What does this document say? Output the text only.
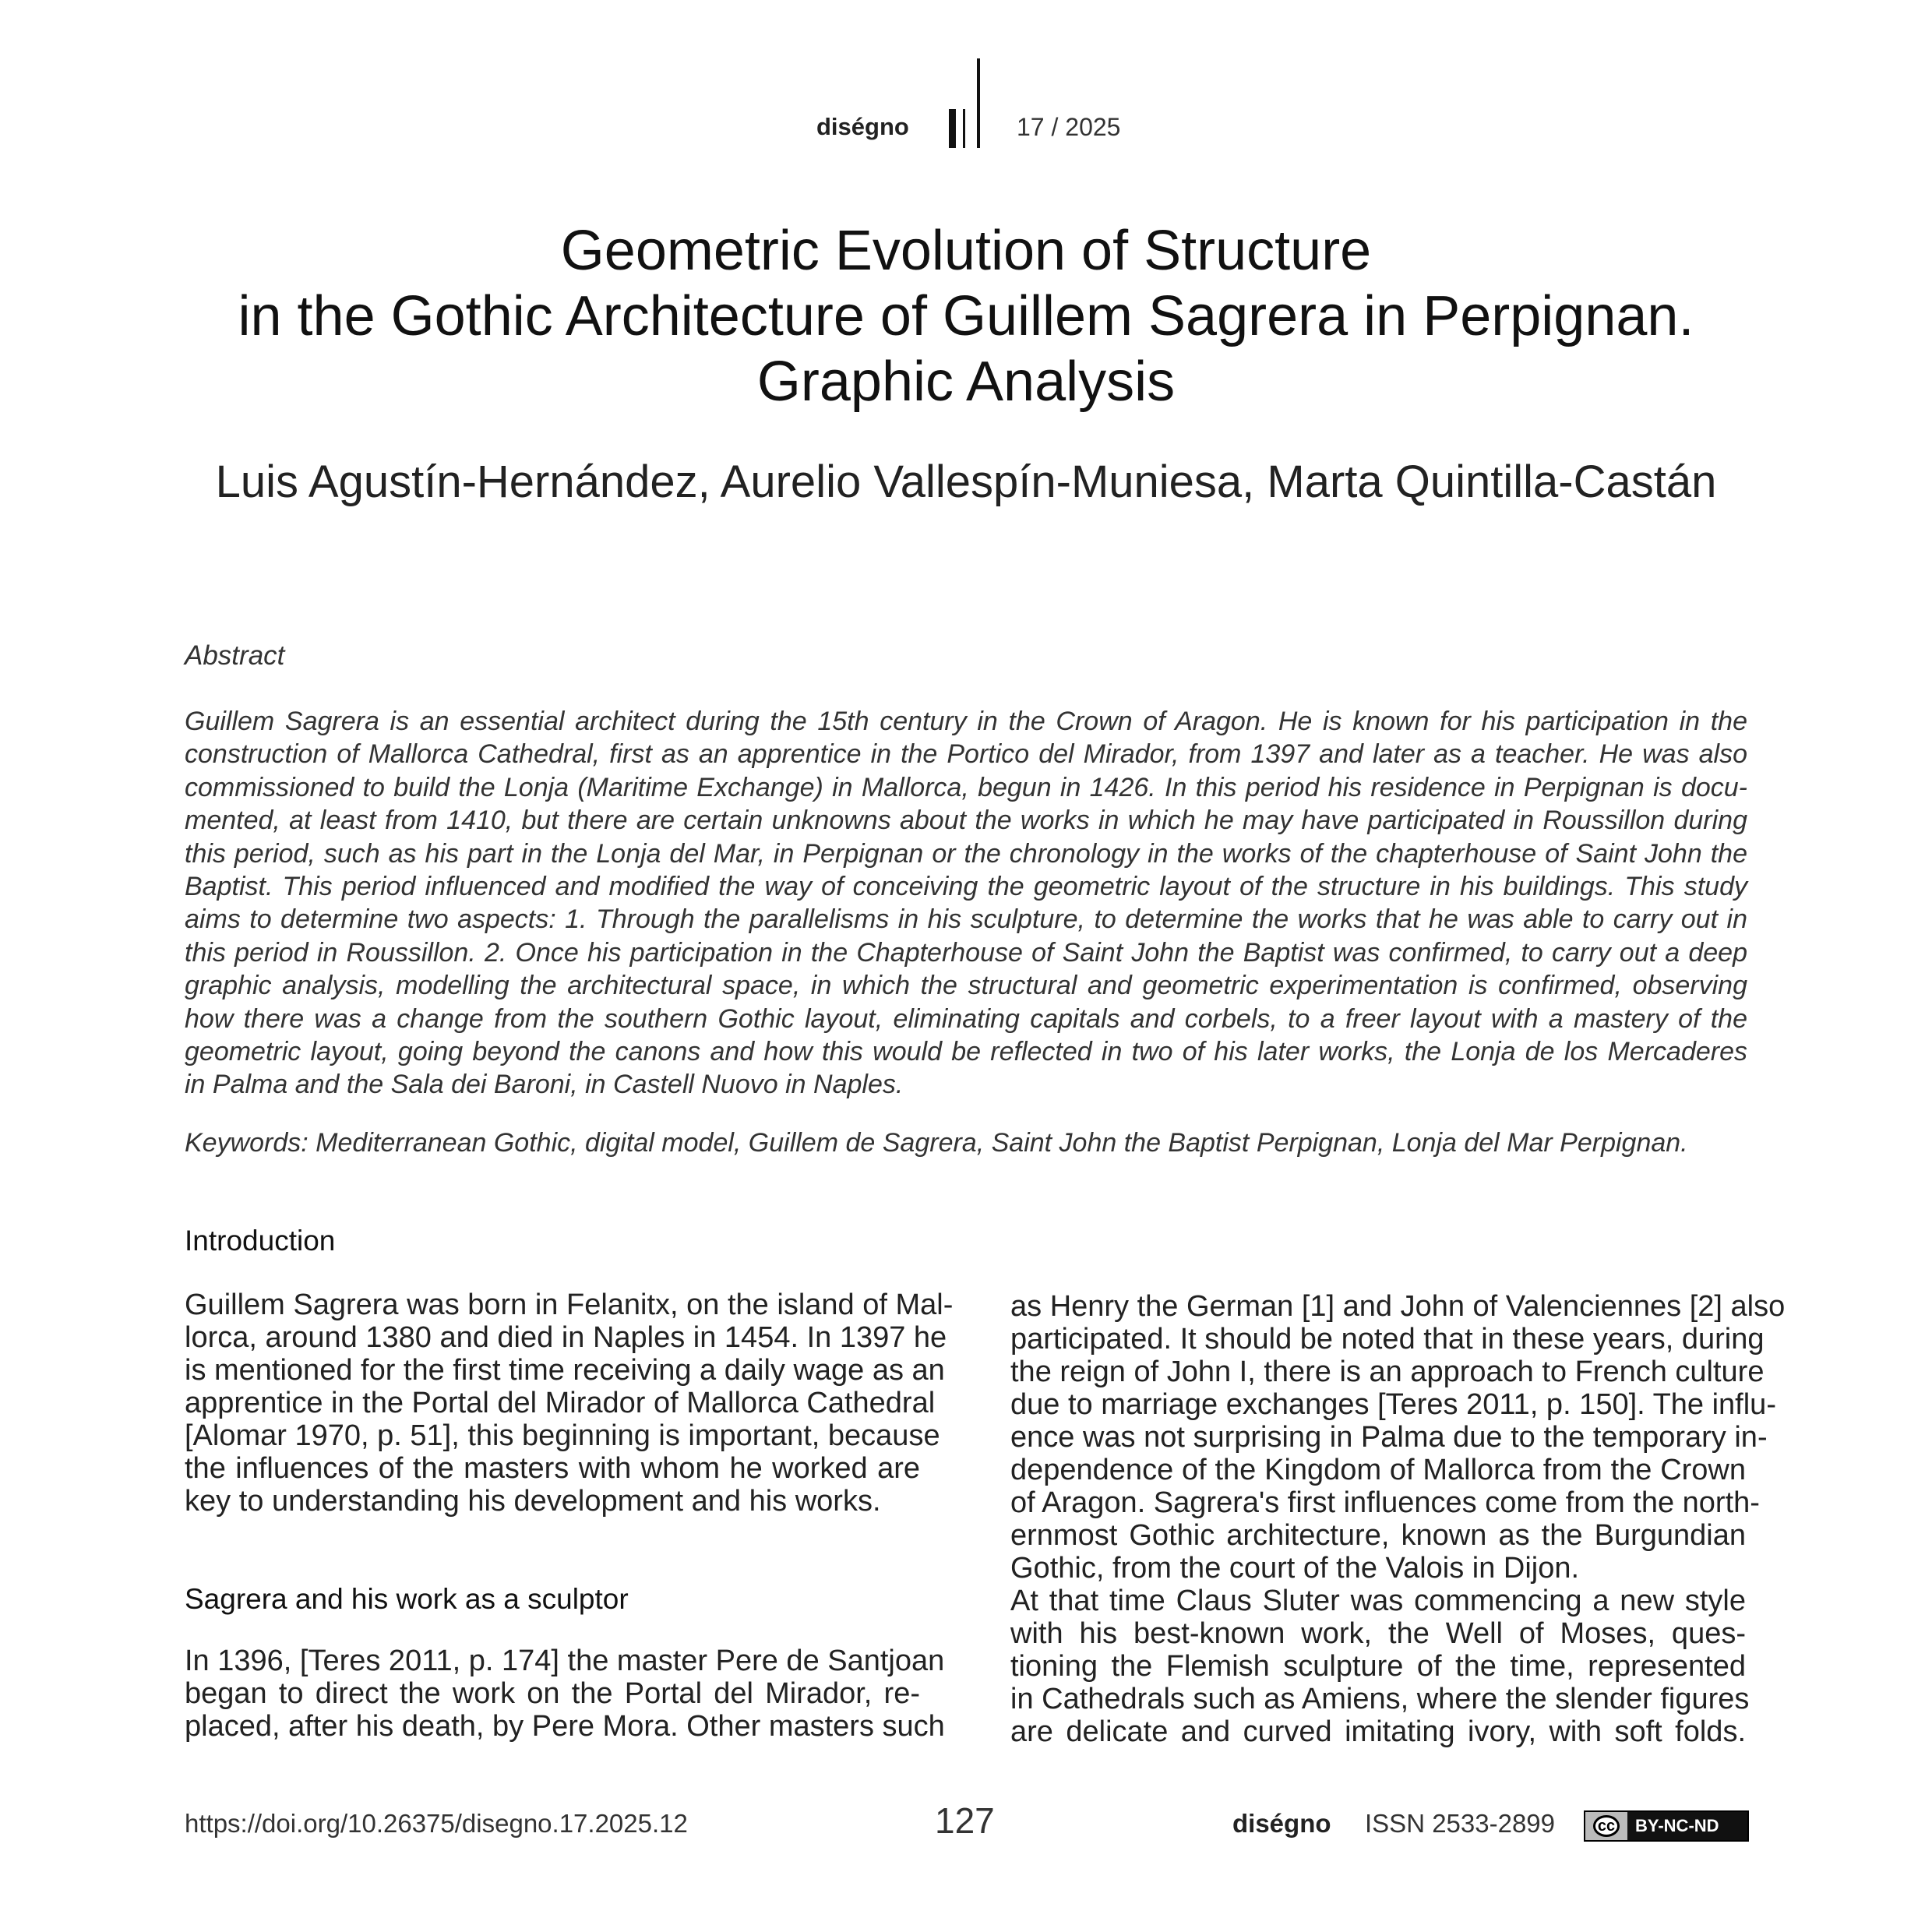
diségno	17 / 2025
Geometric Evolution of Structure
in the Gothic Architecture of Guillem Sagrera in Perpignan.
Graphic Analysis
Luis Agustín-Hernández, Aurelio Vallespín-Muniesa, Marta Quintilla-Castán
Abstract
Guillem Sagrera is an essential architect during the 15th century in the Crown of Aragon. He is known for his participation in the
construction of Mallorca Cathedral, first as an apprentice in the Portico del Mirador, from 1397 and later as a teacher. He was also
commissioned to build the Lonja (Maritime Exchange) in Mallorca, begun in 1426. In this period his residence in Perpignan is docu-
mented, at least from 1410, but there are certain unknowns about the works in which he may have participated in Roussillon during
this period, such as his part in the Lonja del Mar, in Perpignan or the chronology in the works of the chapterhouse of Saint John the
Baptist. This period influenced and modified the way of conceiving the geometric layout of the structure in his buildings. This study
aims to determine two aspects: 1. Through the parallelisms in his sculpture, to determine the works that he was able to carry out in
this period in Roussillon. 2. Once his participation in the Chapterhouse of Saint John the Baptist was confirmed, to carry out a deep
graphic analysis, modelling the architectural space, in which the structural and geometric experimentation is confirmed, observing
how there was a change from the southern Gothic layout, eliminating capitals and corbels, to a freer layout with a mastery of the
geometric layout, going beyond the canons and how this would be reflected in two of his later works, the Lonja de los Mercaderes
in Palma and the Sala dei Baroni, in Castell Nuovo in Naples.
Keywords: Mediterranean Gothic, digital model, Guillem de Sagrera, Saint John the Baptist Perpignan, Lonja del Mar Perpignan.
Introduction
Guillem Sagrera was born in Felanitx, on the island of Mal-
lorca, around 1380 and died in Naples in 1454. In 1397 he
is mentioned for the first time receiving a daily wage as an
apprentice in the Portal del Mirador of Mallorca Cathedral
[Alomar 1970, p. 51], this beginning is important, because
the influences of the masters with whom he worked are
key to understanding his development and his works.
Sagrera and his work as a sculptor
In 1396, [Teres 2011, p. 174] the master Pere de Santjoan
began to direct the work on the Portal del Mirador, re-
placed, after his death, by Pere Mora. Other masters such
as Henry the German [1] and John of Valenciennes [2] also
participated. It should be noted that in these years, during
the reign of John I, there is an approach to French culture
due to marriage exchanges [Teres 2011, p. 150]. The influ-
ence was not surprising in Palma due to the temporary in-
dependence of the Kingdom of Mallorca from the Crown
of Aragon. Sagrera's first influences come from the north-
ernmost Gothic architecture, known as the Burgundian
Gothic, from the court of the Valois in Dijon.
At that time Claus Sluter was commencing a new style
with his best-known work, the Well of Moses, ques-
tioning the Flemish sculpture of the time, represented
in Cathedrals such as Amiens, where the slender figures
are delicate and curved imitating ivory, with soft folds.
https://doi.org/10.26375/disegno.17.2025.12	127	diségno ISSN 2533-2899	cc BY-NC-ND
